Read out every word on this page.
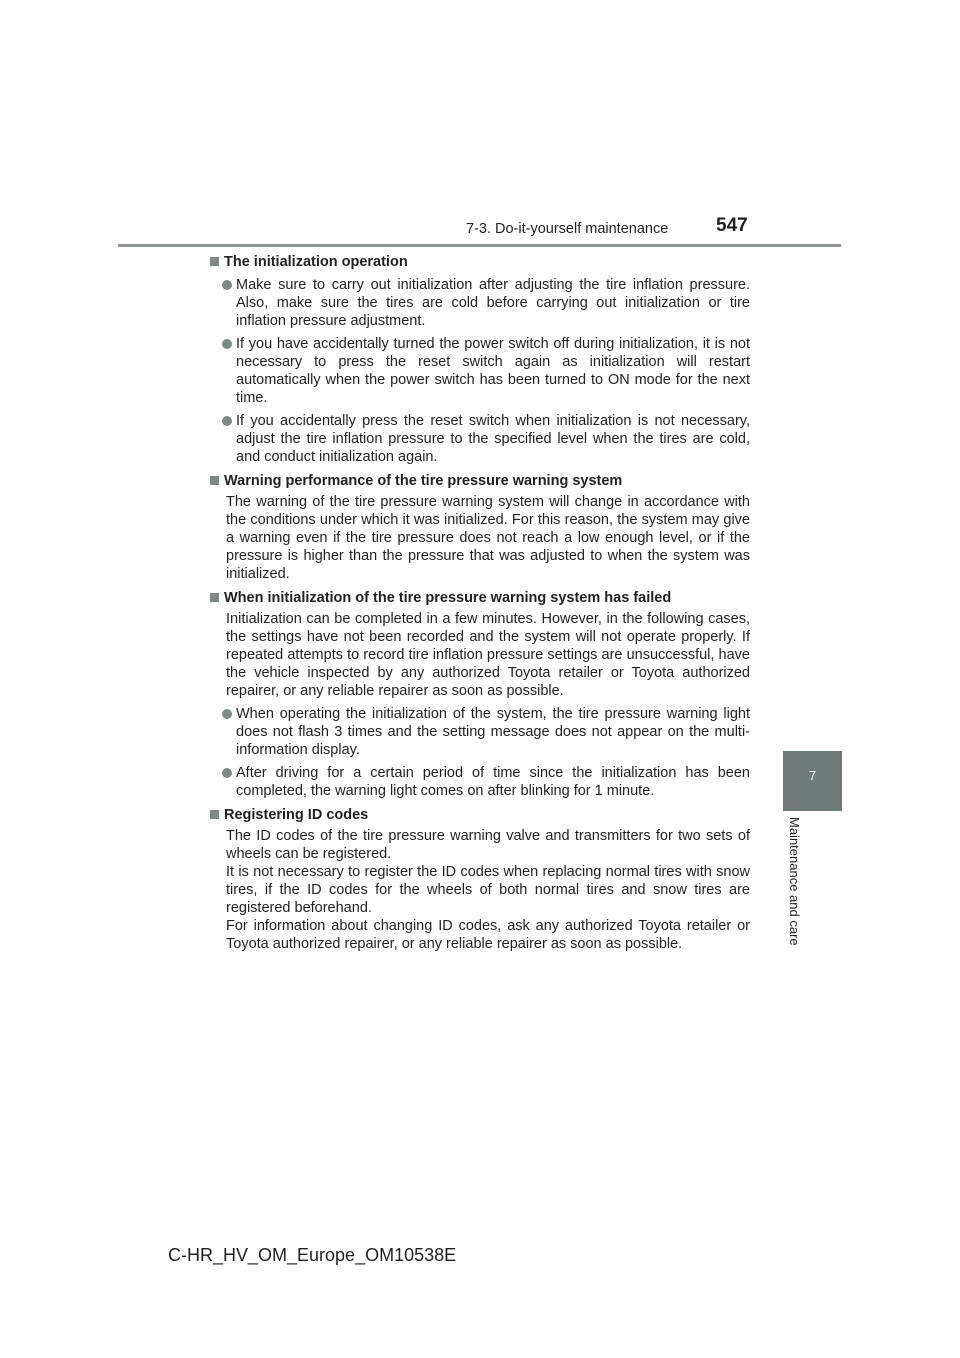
7-3. Do-it-yourself maintenance	547
7
Maintenance and care
The initialization operation
Make sure to carry out initialization after adjusting the tire inflation pressure. Also, make sure the tires are cold before carrying out initialization or tire inflation pressure adjustment.
If you have accidentally turned the power switch off during initialization, it is not necessary to press the reset switch again as initialization will restart automatically when the power switch has been turned to ON mode for the next time.
If you accidentally press the reset switch when initialization is not necessary, adjust the tire inflation pressure to the specified level when the tires are cold, and conduct initialization again.
Warning performance of the tire pressure warning system
The warning of the tire pressure warning system will change in accordance with the conditions under which it was initialized. For this reason, the system may give a warning even if the tire pressure does not reach a low enough level, or if the pressure is higher than the pressure that was adjusted to when the system was initialized.
When initialization of the tire pressure warning system has failed
Initialization can be completed in a few minutes. However, in the following cases, the settings have not been recorded and the system will not operate properly. If repeated attempts to record tire inflation pressure settings are unsuccessful, have the vehicle inspected by any authorized Toyota retailer or Toyota authorized repairer, or any reliable repairer as soon as possible.
When operating the initialization of the system, the tire pressure warning light does not flash 3 times and the setting message does not appear on the multi-information display.
After driving for a certain period of time since the initialization has been completed, the warning light comes on after blinking for 1 minute.
Registering ID codes
The ID codes of the tire pressure warning valve and transmitters for two sets of wheels can be registered.
It is not necessary to register the ID codes when replacing normal tires with snow tires, if the ID codes for the wheels of both normal tires and snow tires are registered beforehand.
For information about changing ID codes, ask any authorized Toyota retailer or Toyota authorized repairer, or any reliable repairer as soon as possible.
C-HR_HV_OM_Europe_OM10538E
